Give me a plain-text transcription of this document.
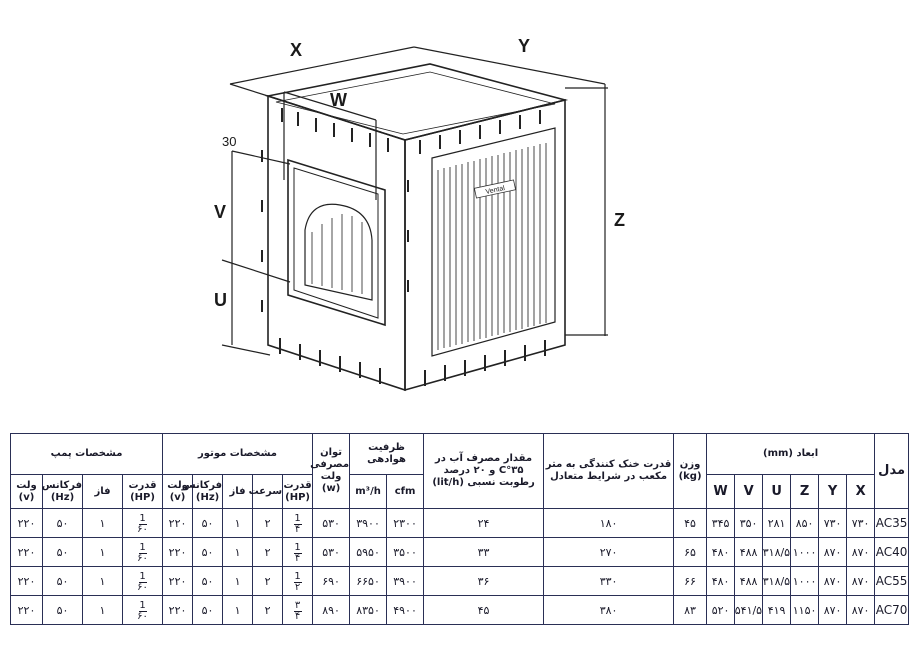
Vental
X	Y
W
Z
V
U
30
مدل	ابعاد (mm)						وزن (kg)	قدرت خنک کنندگی به متر مکعب در شرایط متعادل	مقدار مصرف آب در ۳۵°C و ۲۰ درصد رطوبت نسبی (lit/h)	ظرفیت هوادهی		توان مصرفی ولت (w)	مشخصات موتور					مشخصات پمپ			
	X	Y	Z	U	V	W				cfm	m³/h		قدرت (HP)	سرعت	فاز	فرکانس (Hz)	ولت (v)	قدرت (HP)	فاز	فرکانس (Hz)	ولت (v)
AC35	۷۳۰	۷۳۰	۸۵۰	۲۸۱	۳۵۰	۳۴۵	۴۵	۱۸۰	۲۴	۲۳۰۰	۳۹۰۰	۵۳۰	$\frac{1}{۴}$	۲	۱	۵۰	۲۲۰	$\frac{1}{۶۰}$	۱	۵۰	۲۲۰
AC40	۸۷۰	۸۷۰	۱۰۰۰	۳۱۸/۵	۴۸۸	۴۸۰	۶۵	۲۷۰	۳۳	۳۵۰۰	۵۹۵۰	۵۳۰	$\frac{1}{۴}$	۲	۱	۵۰	۲۲۰	$\frac{1}{۶۰}$	۱	۵۰	۲۲۰
AC55	۸۷۰	۸۷۰	۱۰۰۰	۳۱۸/۵	۴۸۸	۴۸۰	۶۶	۳۳۰	۳۶	۳۹۰۰	۶۶۵۰	۶۹۰	$\frac{1}{۲}$	۲	۱	۵۰	۲۲۰	$\frac{1}{۶۰}$	۱	۵۰	۲۲۰
AC70	۸۷۰	۸۷۰	۱۱۵۰	۴۱۹	۵۴۱/۵	۵۲۰	۸۳	۳۸۰	۴۵	۴۹۰۰	۸۳۵۰	۸۹۰	$\frac{۳}{۴}$	۲	۱	۵۰	۲۲۰	$\frac{1}{۶۰}$	۱	۵۰	۲۲۰
